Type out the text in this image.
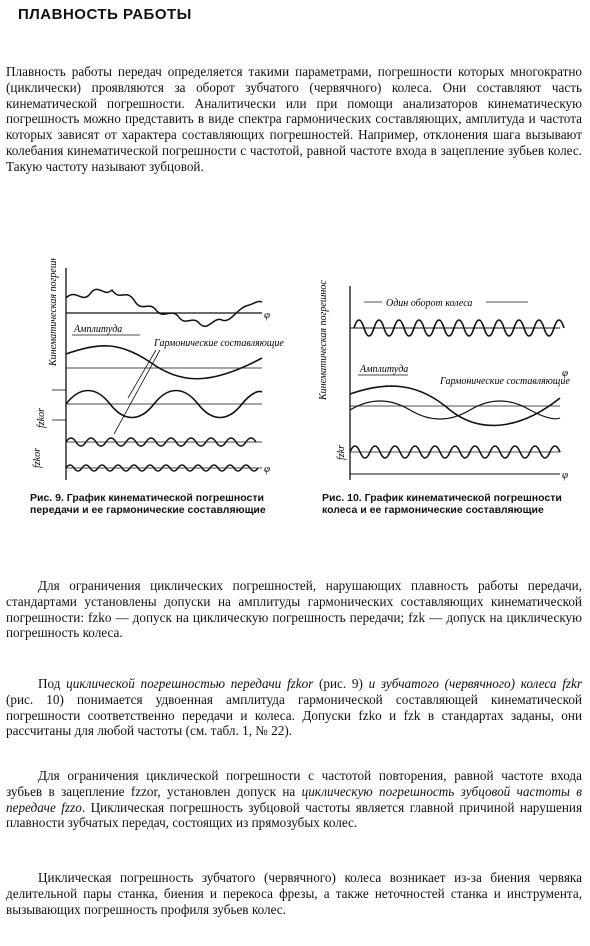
ПЛАВНОСТЬ РАБОТЫ
Плавность работы передач определяется такими параметрами, погрешности которых многократно (циклически) проявляются за оборот зубчатого (червячного) колеса. Они составляют часть кинематической погрешности. Аналитически или при помощи анализаторов кинематическую погрешность можно представить в виде спектра гармонических составляющих, амплитуда и частота которых зависят от характера составляющих погрешностей. Например, отклонения шага вызывают колебания кинематической погрешности с частотой, равной частоте входа в зацепление зубьев колес. Такую частоту называют зубцовой.
Кинематическая погрешность передачи	φ
Амплитуда
Гармонические составляющие
fzkor
fzkor
φ
Рис. 9. График кинематической погрешности передачи и ее гармонические составляющие
Кинематическая погрешность колеса	Один оборот колеса
φ
Амплитуда
Гармонические составляющие
fzkr
φ
Рис. 10. График кинематической погрешности колеса и ее гармонические составляющие
Для ограничения циклических погрешностей, нарушающих плавность работы передачи, стандартами установлены допуски на амплитуды гармонических составляющих кинематической погрешности: fzko — допуск на циклическую погрешность передачи; fzk — допуск на циклическую погрешность колеса.
Под циклической погрешностью передачи fzkor (рис. 9) и зубчатого (червячного) колеса fzkr (рис. 10) понимается удвоенная амплитуда гармонической составляющей кинематической погрешности соответственно передачи и колеса. Допуски fzko и fzk в стандартах заданы, они рассчитаны для любой частоты (см. табл. 1, № 22).
Для ограничения циклической погрешности с частотой повторения, равной частоте входа зубьев в зацепление fzzor, установлен допуск на циклическую погрешность зубцовой частоты в передаче fzzo. Циклическая погрешность зубцовой частоты является главной причиной нарушения плавности зубчатых передач, состоящих из прямозубых колес.
Циклическая погрешность зубчатого (червячного) колеса возникает из-за биения червяка делительной пары станка, биения и перекоса фрезы, а также неточностей станка и инструмента, вызывающих погрешность профиля зубьев колес.
